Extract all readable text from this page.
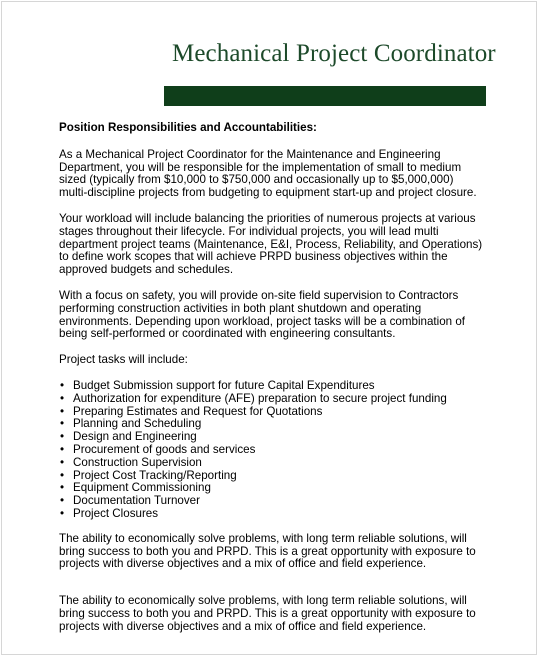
Mechanical Project Coordinator
Position Responsibilities and Accountabilities:

As a Mechanical Project Coordinator for the Maintenance and Engineering Department, you will be responsible for the implementation of small to medium sized (typically from $10,000 to $750,000 and occasionally up to $5,000,000) multi-discipline projects from budgeting to equipment start-up and project closure.

Your workload will include balancing the priorities of numerous projects at various stages throughout their lifecycle. For individual projects, you will lead multi department project teams (Maintenance, E&I, Process, Reliability, and Operations) to define work scopes that will achieve PRPD business objectives within the approved budgets and schedules.

With a focus on safety, you will provide on-site field supervision to Contractors performing construction activities in both plant shutdown and operating environments. Depending upon workload, project tasks will be a combination of being self-performed or coordinated with engineering consultants.

Project tasks will include:

• Budget Submission support for future Capital Expenditures
• Authorization for expenditure (AFE) preparation to secure project funding
• Preparing Estimates and Request for Quotations
• Planning and Scheduling
• Design and Engineering
• Procurement of goods and services
• Construction Supervision
• Project Cost Tracking/Reporting
• Equipment Commissioning
• Documentation Turnover
• Project Closures

The ability to economically solve problems, with long term reliable solutions, will bring success to both you and PRPD. This is a great opportunity with exposure to projects with diverse objectives and a mix of office and field experience.

The ability to economically solve problems, with long term reliable solutions, will bring success to both you and PRPD. This is a great opportunity with exposure to projects with diverse objectives and a mix of office and field experience.
